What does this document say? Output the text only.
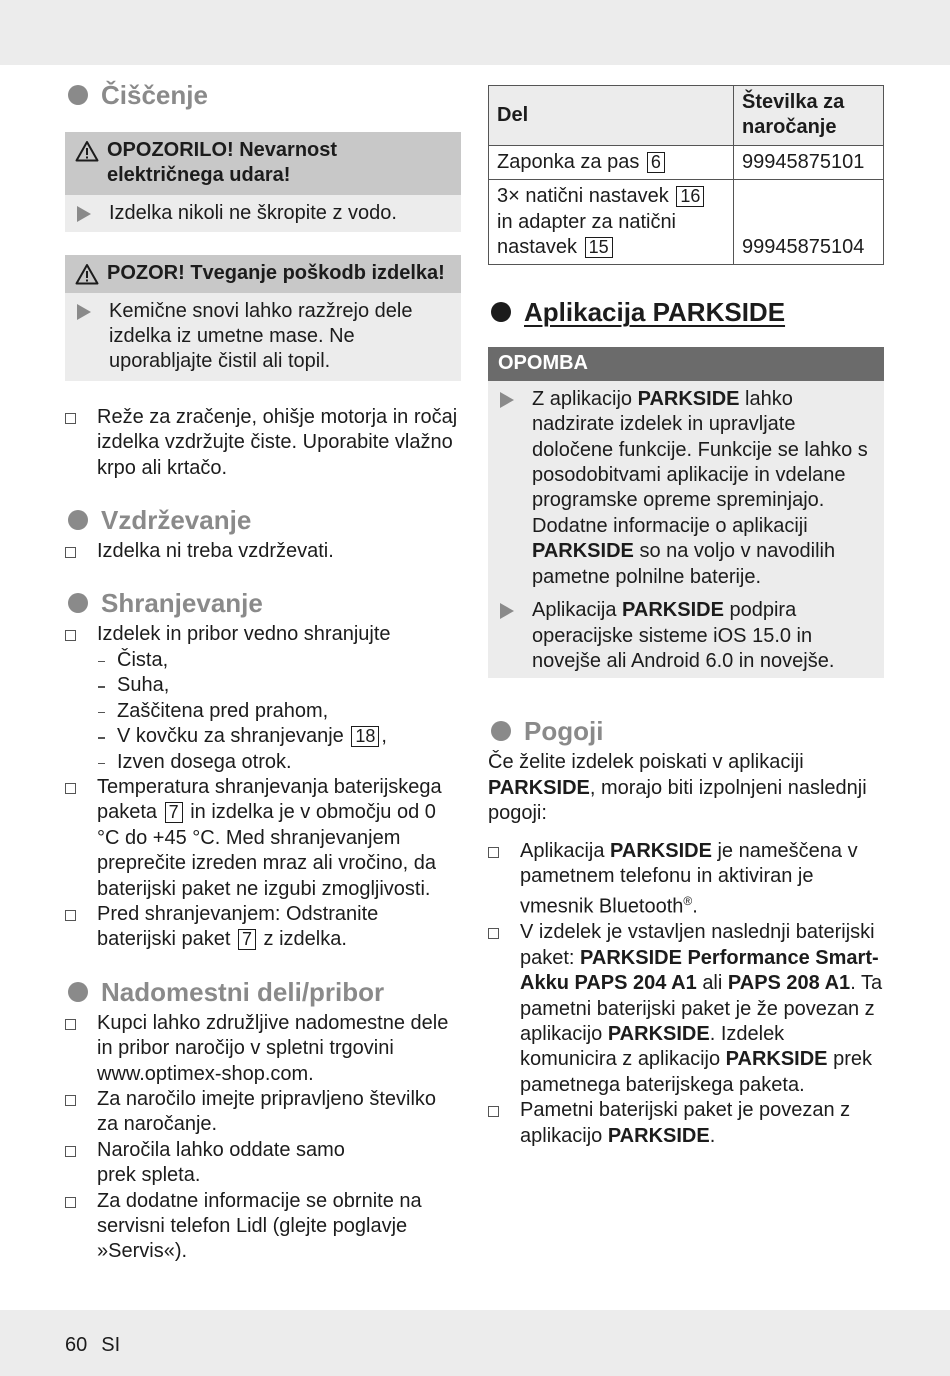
Čiščenje
OPOZORILO! Nevarnost električnega udara!
Izdelka nikoli ne škropite z vodo.
POZOR! Tveganje poškodb izdelka!
Kemične snovi lahko razžrejo dele izdelka iz umetne mase. Ne uporabljajte čistil ali topil.
Reže za zračenje, ohišje motorja in ročaj izdelka vzdržujte čiste. Uporabite vlažno krpo ali krtačo.
Vzdrževanje
Izdelka ni treba vzdrževati.
Shranjevanje
Izdelek in pribor vedno shranjujte
Čista,
Suha,
Zaščitena pred prahom,
V kovčku za shranjevanje 18 ,
Izven dosega otrok.
Temperatura shranjevanja baterijskega paketa 7 in izdelka je v območju od 0 °C do +45 °C. Med shranjevanjem preprečite izreden mraz ali vročino, da baterijski paket ne izgubi zmogljivosti.
Pred shranjevanjem: Odstranite baterijski paket 7 z izdelka.
Nadomestni deli/pribor
Kupci lahko združljive nadomestne dele in pribor naročijo v spletni trgovini www.optimex-shop.com.
Za naročilo imejte pripravljeno številko za naročanje.
Naročila lahko oddate samo prek spleta.
Za dodatne informacije se obrnite na servisni telefon Lidl (glejte poglavje »Servis«).
Del	Številka za naročanje
Zaponka za pas 6	99945875101
3× natični nastavek 16 in adapter za natični nastavek 15	99945875104
Aplikacija PARKSIDE
OPOMBA
Z aplikacijo PARKSIDE lahko nadzirate izdelek in upravljate določene funkcije. Funkcije se lahko s posodobitvami aplikacije in vdelane programske opreme spreminjajo. Dodatne informacije o aplikaciji PARKSIDE so na voljo v navodilih pametne polnilne baterije.
Aplikacija PARKSIDE podpira operacijske sisteme iOS 15.0 in novejše ali Android 6.0 in novejše.
Pogoji
Če želite izdelek poiskati v aplikaciji PARKSIDE, morajo biti izpolnjeni naslednji pogoji:
Aplikacija PARKSIDE je nameščena v pametnem telefonu in aktiviran je vmesnik Bluetooth®.
V izdelek je vstavljen naslednji baterijski paket: PARKSIDE Performance Smart-Akku PAPS 204 A1 ali PAPS 208 A1. Ta pametni baterijski paket je že povezan z aplikacijo PARKSIDE. Izdelek komunicira z aplikacijo PARKSIDE prek pametnega baterijskega paketa.
Pametni baterijski paket je povezan z aplikacijo PARKSIDE.
60 SI
